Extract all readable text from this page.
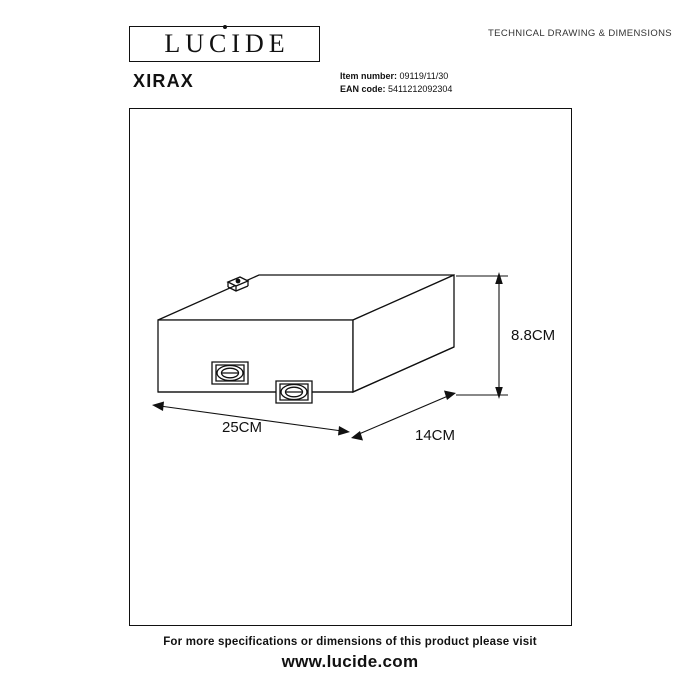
LUCIDE	TECHNICAL DRAWING & DIMENSIONS
XIRAX	Item number: 09119/11/30
EAN code: 5411212092304
8.8CM
25CM	14CM
For more specifications or dimensions of this product please visit
www.lucide.com
